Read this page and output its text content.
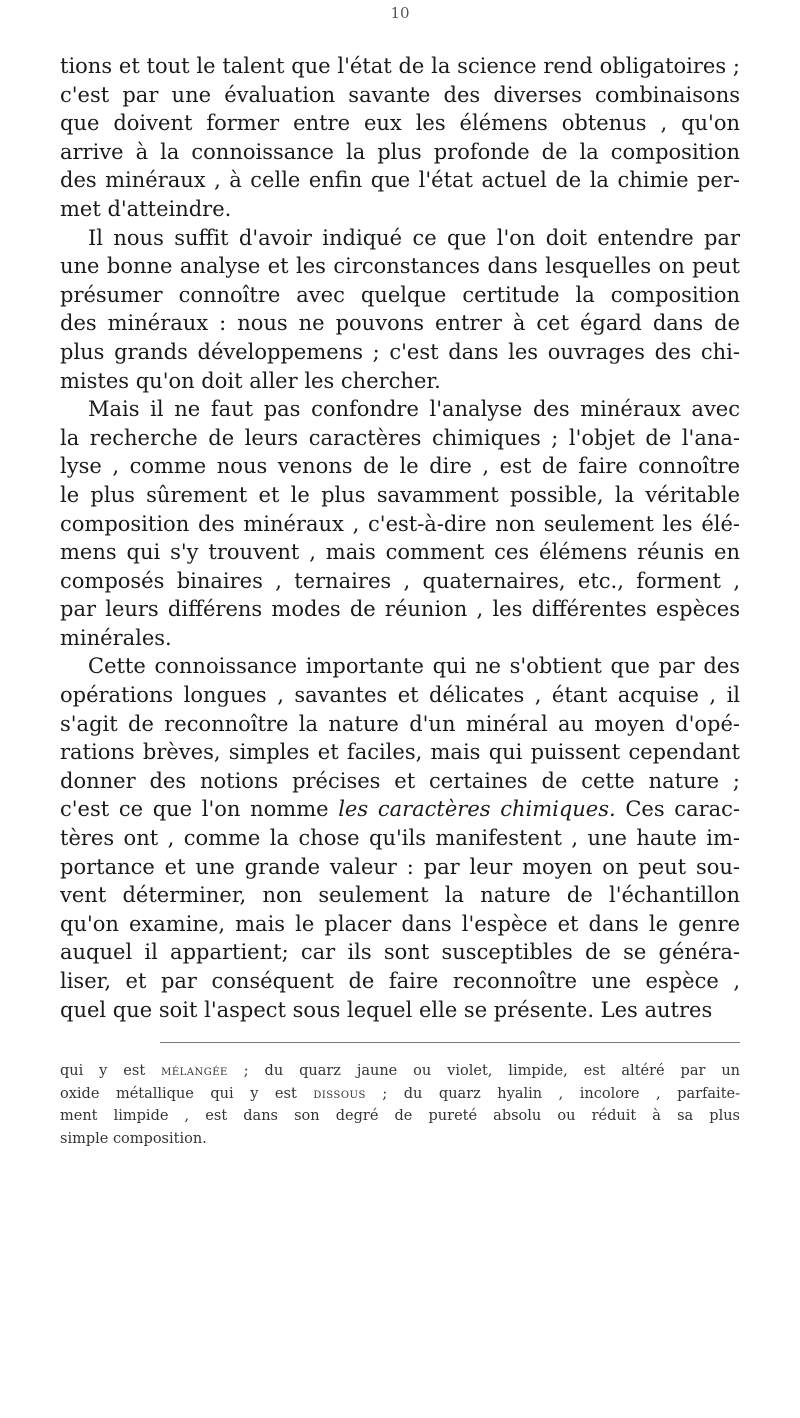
10

tions et tout le talent que l'état de la science rend obligatoires ;
c'est par une évaluation savante des diverses combinaisons
que doivent former entre eux les élémens obtenus , qu'on
arrive à la connoissance la plus profonde de la composition
des minéraux , à celle enfin que l'état actuel de la chimie per-
met d'atteindre.

Il nous suffit d'avoir indiqué ce que l'on doit entendre par
une bonne analyse et les circonstances dans lesquelles on peut
présumer connoître avec quelque certitude la composition
des minéraux : nous ne pouvons entrer à cet égard dans de
plus grands développemens ; c'est dans les ouvrages des chi-
mistes qu'on doit aller les chercher.

Mais il ne faut pas confondre l'analyse des minéraux avec
la recherche de leurs caractères chimiques ; l'objet de l'ana-
lyse , comme nous venons de le dire , est de faire connoître
le plus sûrement et le plus savamment possible, la véritable
composition des minéraux , c'est-à-dire non seulement les élé-
mens qui s'y trouvent , mais comment ces élémens réunis en
composés binaires , ternaires , quaternaires, etc., forment ,
par leurs différens modes de réunion , les différentes espèces
minérales.

Cette connoissance importante qui ne s'obtient que par des
opérations longues , savantes et délicates , étant acquise , il
s'agit de reconnoître la nature d'un minéral au moyen d'opé-
rations brèves, simples et faciles, mais qui puissent cependant
donner des notions précises et certaines de cette nature ;
c'est ce que l'on nomme les caractères chimiques. Ces carac-
tères ont , comme la chose qu'ils manifestent , une haute im-
portance et une grande valeur : par leur moyen on peut sou-
vent déterminer, non seulement la nature de l'échantillon
qu'on examine, mais le placer dans l'espèce et dans le genre
auquel il appartient; car ils sont susceptibles de se généra-
liser, et par conséquent de faire reconnoître une espèce ,
quel que soit l'aspect sous lequel elle se présente. Les autres

qui y est mélangée ; du quarz jaune ou violet, limpide, est altéré par un
oxide métallique qui y est dissous ; du quarz hyalin , incolore , parfaite-
ment limpide , est dans son degré de pureté absolu ou réduit à sa plus
simple composition.
